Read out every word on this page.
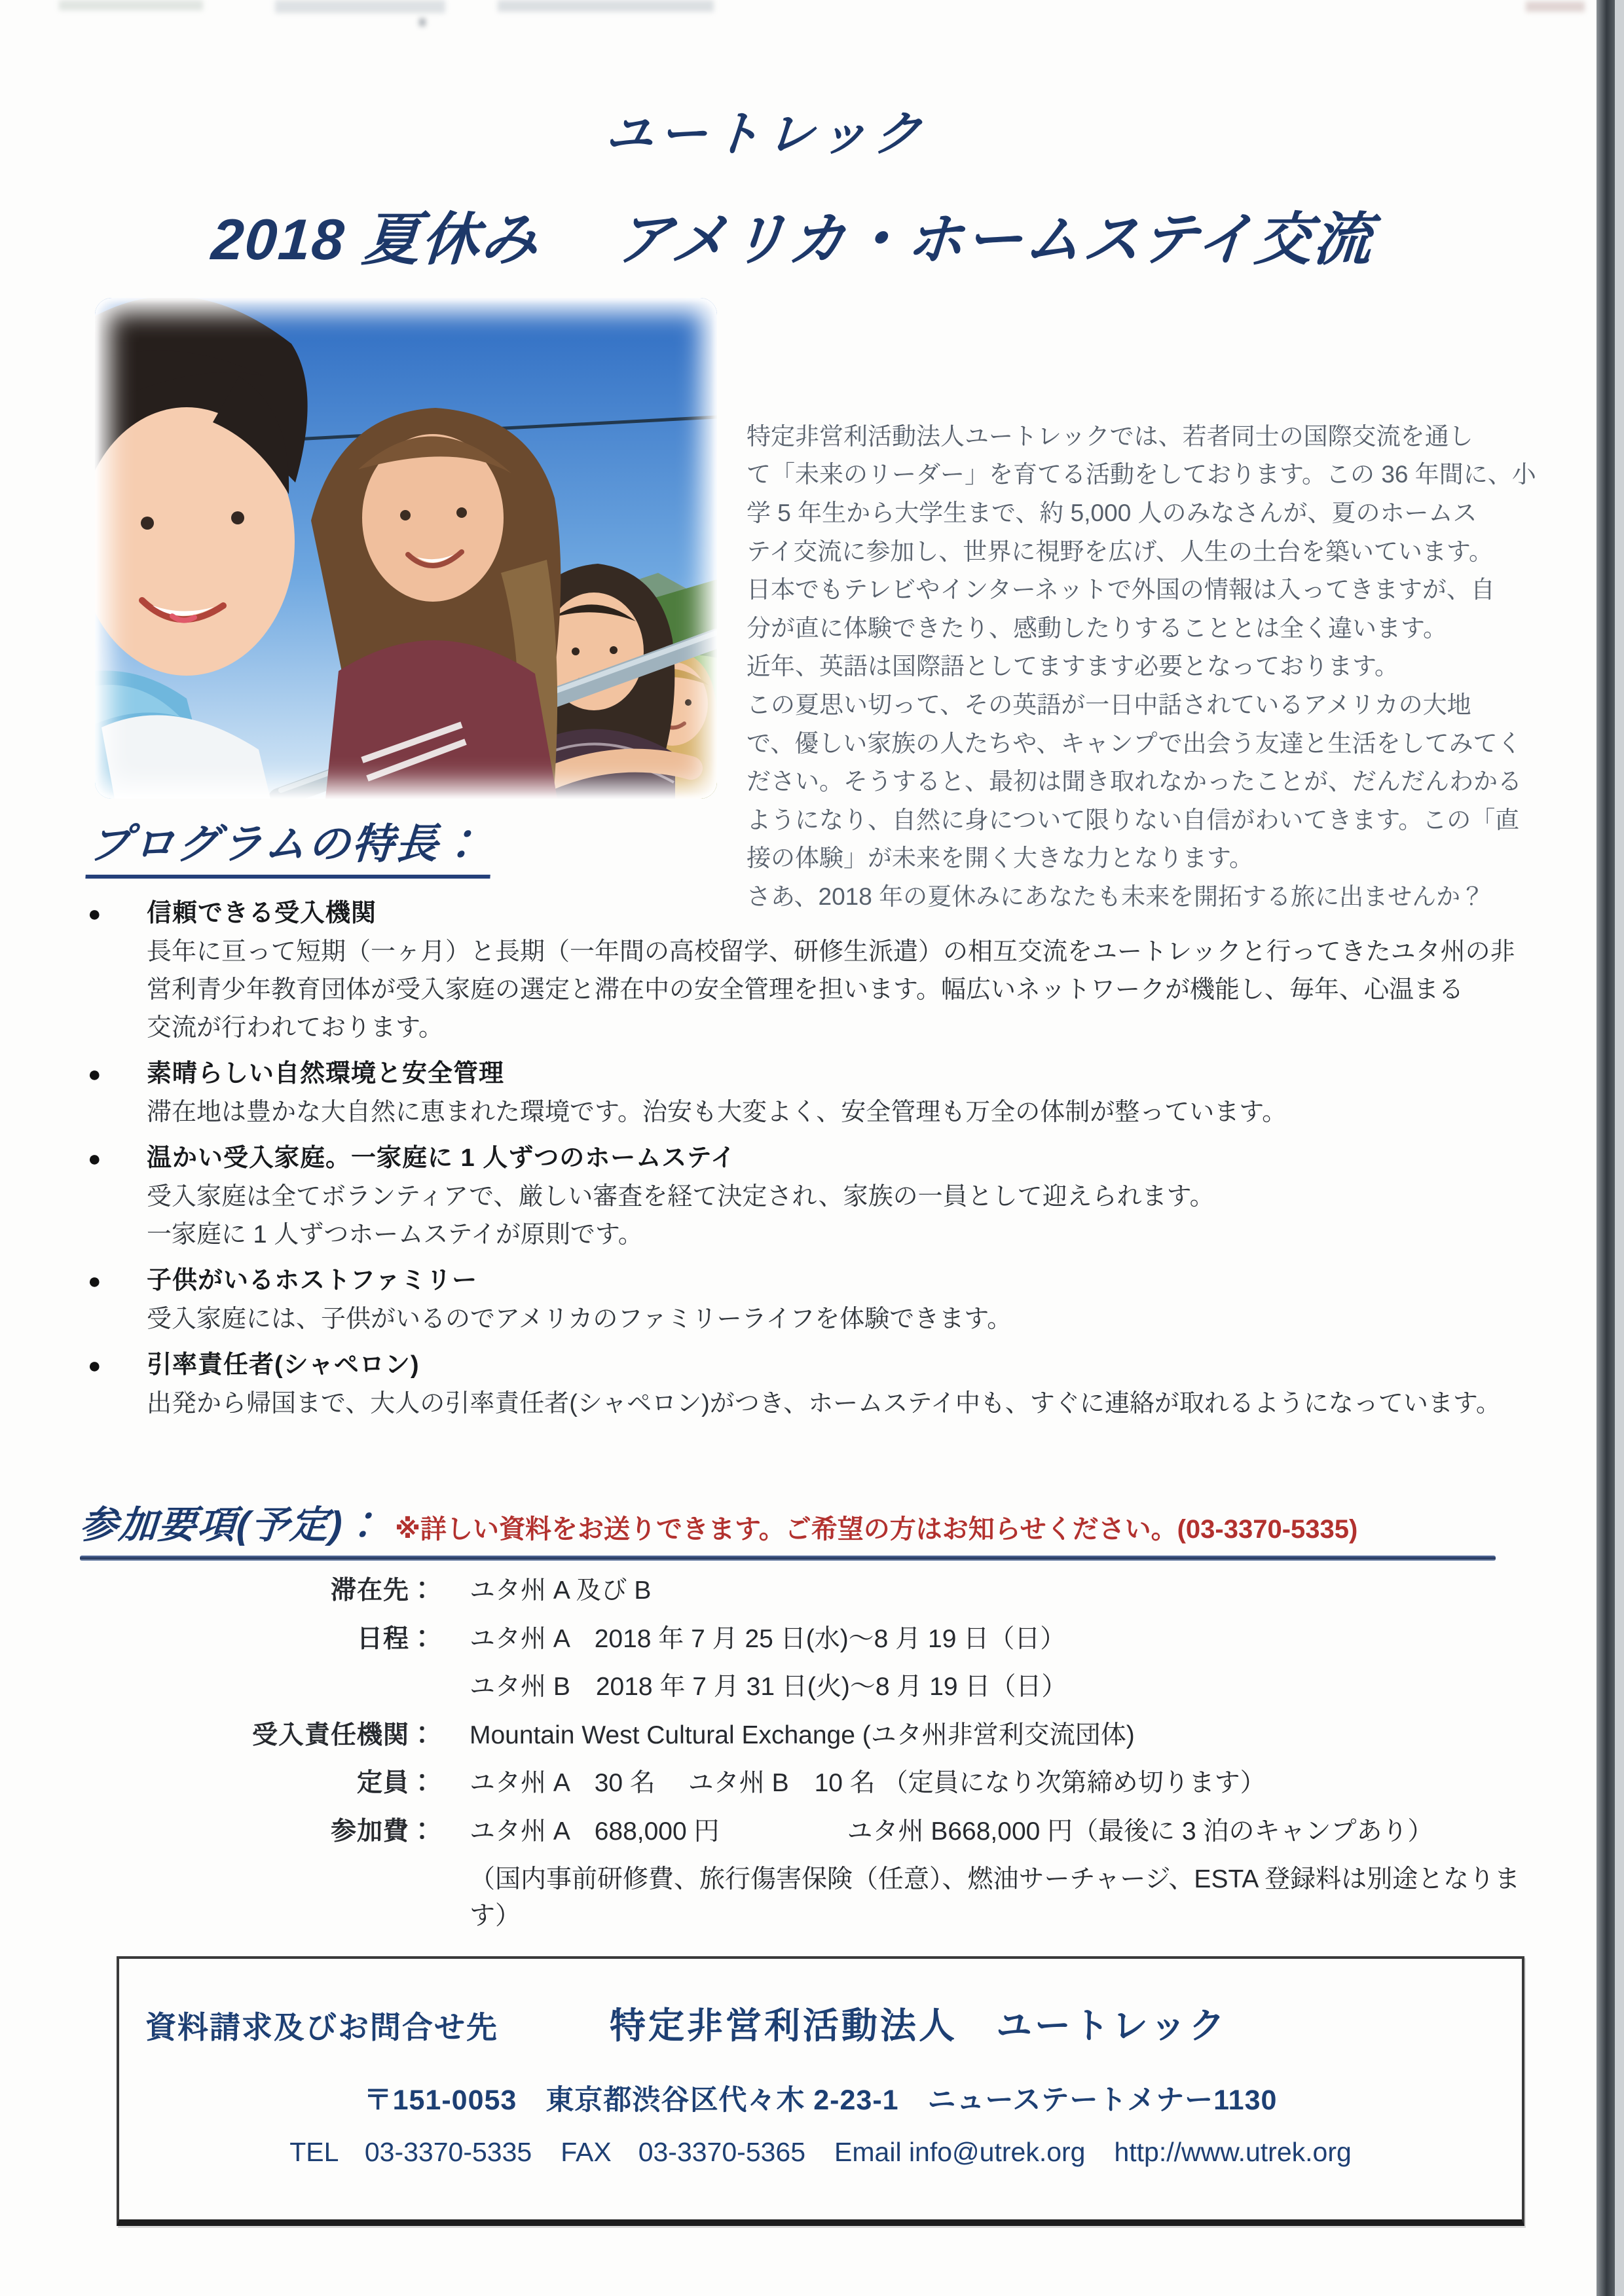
ユートレック
2018 夏休み　 アメリカ・ホームステイ交流

特定非営利活動法人ユートレックでは、若者同士の国際交流を通し
て「未来のリーダー」を育てる活動をしております。この 36 年間に、小
学 5 年生から大学生まで、約 5,000 人のみなさんが、夏のホームス
テイ交流に参加し、世界に視野を広げ、人生の土台を築いています。
日本でもテレビやインターネットで外国の情報は入ってきますが、自
分が直に体験できたり、感動したりすることとは全く違います。
近年、英語は国際語としてますます必要となっております。
この夏思い切って、その英語が一日中話されているアメリカの大地
で、優しい家族の人たちや、キャンプで出会う友達と生活をしてみてく
ださい。そうすると、最初は聞き取れなかったことが、だんだんわかる
ようになり、自然に身について限りない自信がわいてきます。この「直
接の体験」が未来を開く大きな力となります。
さあ、2018 年の夏休みにあなたも未来を開拓する旅に出ませんか？
プログラムの特長：
●	信頼できる受入機関
長年に亘って短期（一ヶ月）と長期（一年間の高校留学、研修生派遣）の相互交流をユートレックと行ってきたユタ州の非
営利青少年教育団体が受入家庭の選定と滞在中の安全管理を担います。幅広いネットワークが機能し、毎年、心温まる
交流が行われております。
●	素晴らしい自然環境と安全管理
滞在地は豊かな大自然に恵まれた環境です。治安も大変よく、安全管理も万全の体制が整っています。
●	温かい受入家庭。一家庭に 1 人ずつのホームステイ
受入家庭は全てボランティアで、厳しい審査を経て決定され、家族の一員として迎えられます。
一家庭に 1 人ずつホームステイが原則です。
●	子供がいるホストファミリー
受入家庭には、子供がいるのでアメリカのファミリーライフを体験できます。
●	引率責任者(シャペロン)
出発から帰国まで、大人の引率責任者(シャペロン)がつき、ホームステイ中も、すぐに連絡が取れるようになっています。
参加要項(予定)： ※詳しい資料をお送りできます。ご希望の方はお知らせください。(03-3370-5335)
滞在先： ユタ州 A 及び B
日程： ユタ州 A　2018 年 7 月 25 日(水)～8 月 19 日（日）
ユタ州 B　2018 年 7 月 31 日(火)～8 月 19 日（日）
受入責任機関： Mountain West Cultural Exchange (ユタ州非営利交流団体)
定員： ユタ州 A　30 名　 ユタ州 B　10 名 （定員になり次第締め切ります）
参加費： ユタ州 A　688,000 円　　　　　ユタ州 B668,000 円（最後に 3 泊のキャンプあり）
（国内事前研修費、旅行傷害保険（任意）、燃油サーチャージ、ESTA 登録料は別途となります）
資料請求及びお問合せ先	特定非営利活動法人　ユートレック
〒151-0053　東京都渋谷区代々木 2-23-1　ニューステートメナー1130
TEL　03-3370-5335 FAX　03-3370-5365 Email info@utrek.org http://www.utrek.org
